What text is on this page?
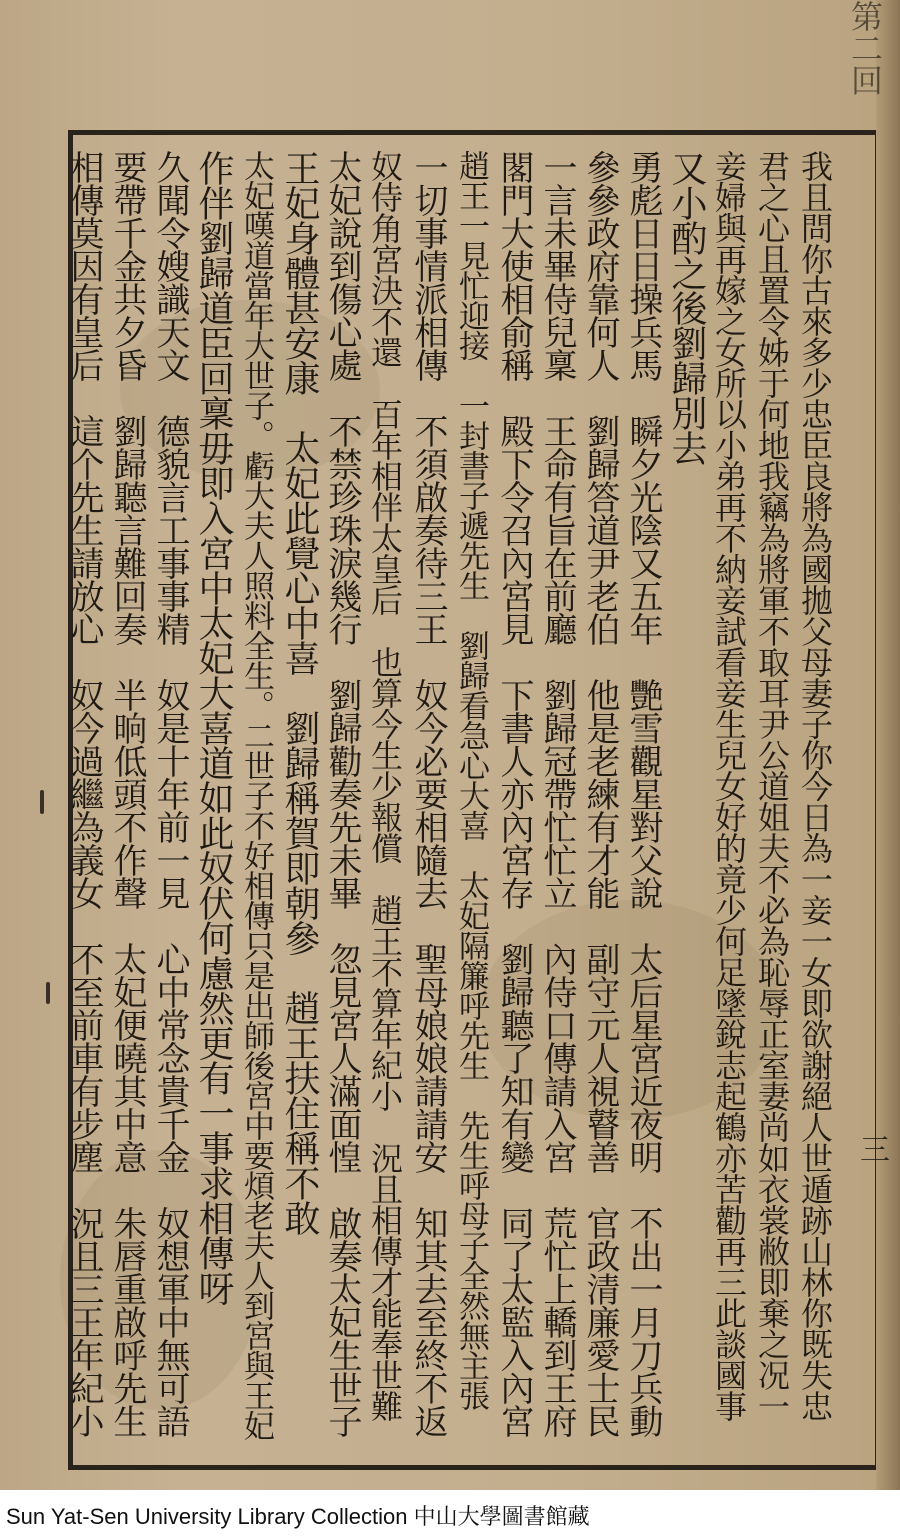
第二回
三
我且問你古來多少忠臣良將為國拋父母妻子你今日為一妾一女即欲謝絕人世遁跡山林你既失忠
君之心且置令姊于何地我竊為將軍不取耳尹公道姐夫不必為恥辱正室妻尚如衣裳敝即棄之况一
妾婦與再嫁之女所以小弟再不納妾試看妾生兒女好的竟少何足墜銳志起鶴亦苦勸再三此談國事
又小酌之後劉歸別去
勇彪日日操兵馬　瞬夕光陰又五年　艷雪觀星對父說　太后星宮近夜明　不出一月刀兵動
參參政府靠何人　劉歸答道尹老伯　他是老練有才能　副守元人視瞽善　官政清廉愛士民
一言未畢侍兒稟　王命有旨在前廳　劉歸冠帶忙忙立　內侍口傳請入宮　荒忙上轎到王府
閣門大使相俞稱　殿下令召內宮見　下書人亦內宮存　劉歸聽了知有變　同了太監入內宮
趙王一見忙迎接　一封書子遞先生　劉歸看急心大喜　太妃隔簾呼先生　先生呼母子全然無主張
一切事情派相傳　不須啟奏待三王　奴今必要相隨去　聖母娘娘請請安　知其去至終不返
奴侍角宮決不還　百年相伴太皇后　也算今生少報償　趙王不算年紀小　況且相傳才能奉世難
太妃說到傷心處　不禁珍珠淚幾行　劉歸勸奏先未畢　忽見宮人滿面惶　啟奏太妃生世子
王妃身體甚安康　太妃此覺心中喜　劉歸稱賀即朝參　趙王扶住稱不敢
太妃嘆道當年大世子。虧大夫人照料全生。二世子不好相傳只是出師後宮中要煩老夫人到宮與王妃
作伴劉歸道臣回稟毋即入宮中太妃大喜道如此奴伏何慮然更有一事求相傳呀
久聞令嫂識天文　德貌言工事事精　奴是十年前一見　心中常念貴千金　奴想軍中無可語
要帶千金共夕昏　劉歸聽言難回奏　半晌低頭不作聲　太妃便曉其中意　朱唇重啟呼先生
相傳莫因有皇后　這个先生請放心　奴今過繼為義女　不至前車有步塵　況且三王年紀小
Sun Yat-Sen University Library Collection 中山大學圖書館藏
